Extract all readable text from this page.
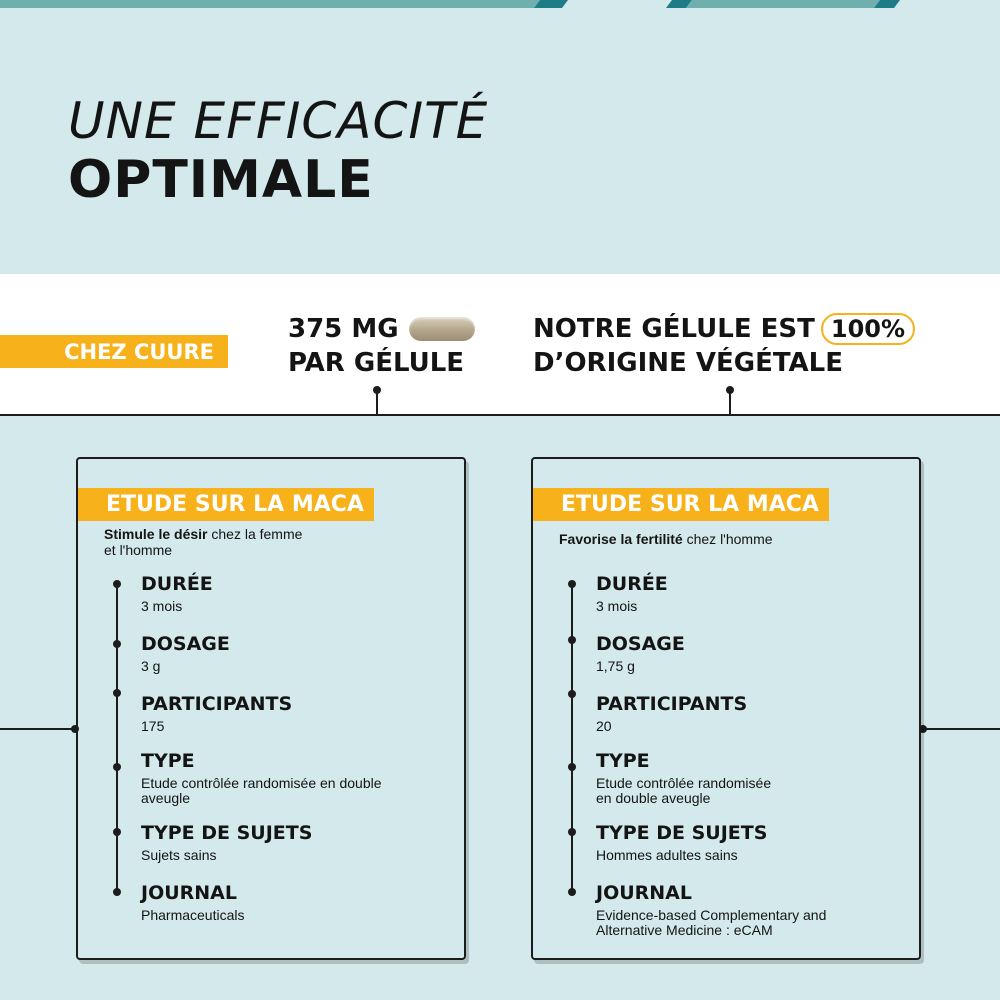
UNE EFFICACITÉ
OPTIMALE
CHEZ CUURE
375 MG
PAR GÉLULE
NOTRE GÉLULE EST 100%
D’ORIGINE VÉGÉTALE
ETUDE SUR LA MACA
Stimule le désir chez la femme
et l'homme
DURÉE
3 mois
DOSAGE
3 g
PARTICIPANTS
175
TYPE
Etude contrôlée randomisée en double
aveugle
TYPE DE SUJETS
Sujets sains
JOURNAL
Pharmaceuticals
ETUDE SUR LA MACA
Favorise la fertilité chez l'homme
DURÉE
3 mois
DOSAGE
1,75 g
PARTICIPANTS
20
TYPE
Etude contrôlée randomisée
en double aveugle
TYPE DE SUJETS
Hommes adultes sains
JOURNAL
Evidence-based Complementary and
Alternative Medicine : eCAM
